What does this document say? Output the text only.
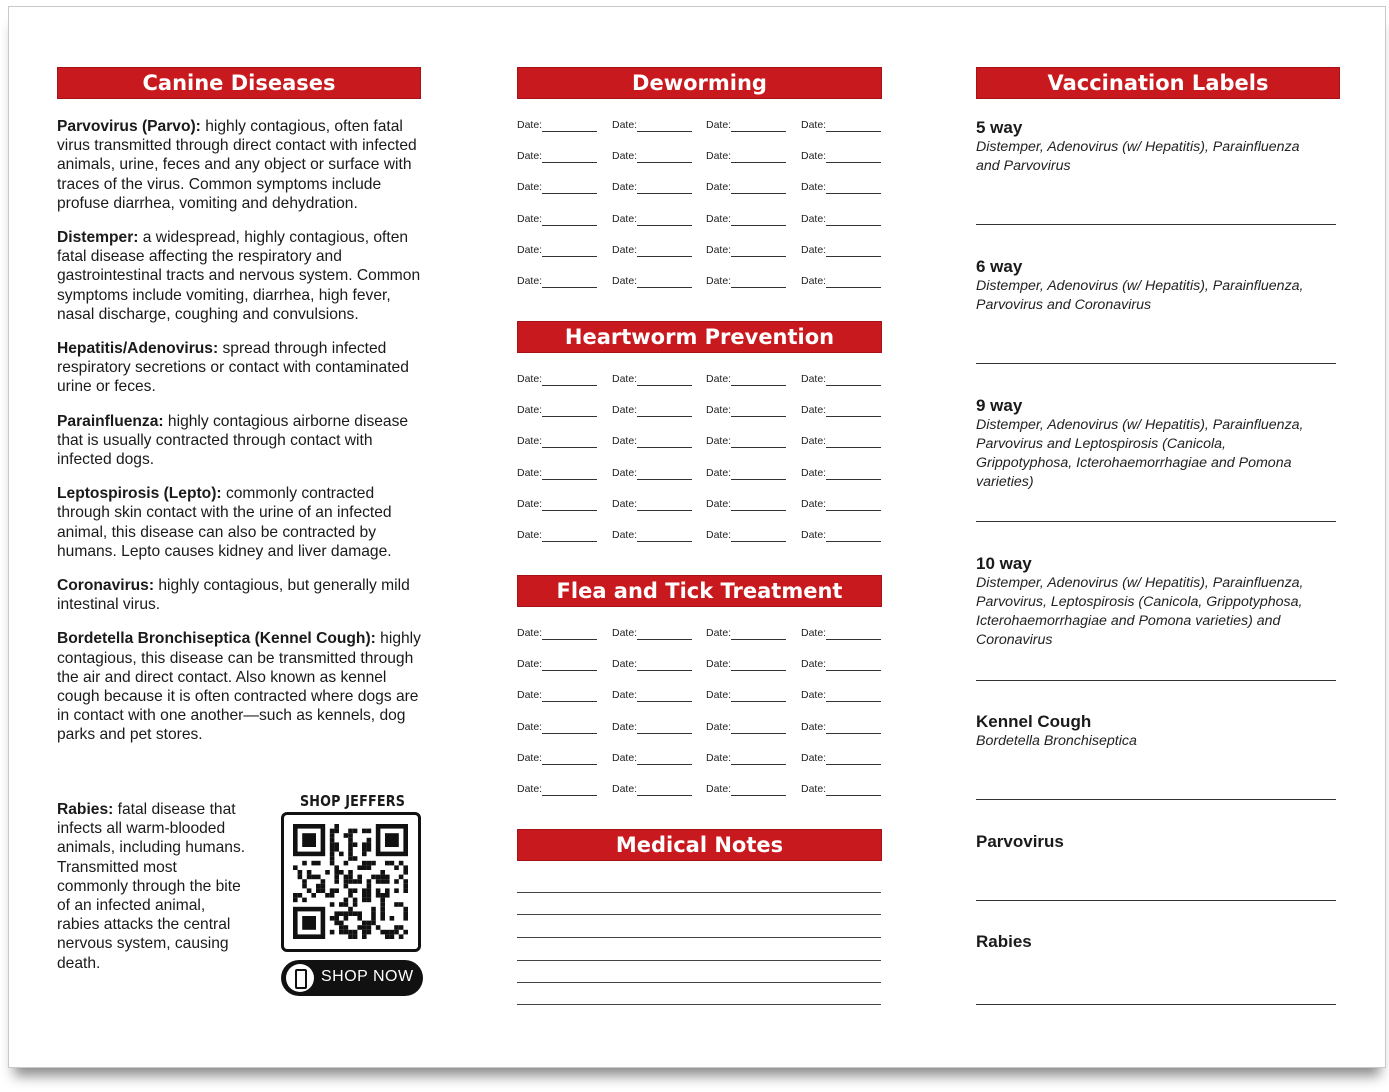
Canine Diseases

Parvovirus (Parvo): highly contagious, often fatal virus transmitted through direct contact with infected animals, urine, feces and any object or surface with traces of the virus. Common symptoms include profuse diarrhea, vomiting and dehydration.

Distemper: a widespread, highly contagious, often fatal disease affecting the respiratory and gastrointestinal tracts and nervous system. Common symptoms include vomiting, diarrhea, high fever, nasal discharge, coughing and convulsions.

Hepatitis/Adenovirus: spread through infected respiratory secretions or contact with contaminated urine or feces.

Parainfluenza: highly contagious airborne disease that is usually contracted through contact with infected dogs.

Leptospirosis (Lepto): commonly contracted through skin contact with the urine of an infected animal, this disease can also be contracted by humans. Lepto causes kidney and liver damage.

Coronavirus: highly contagious, but generally mild intestinal virus.

Bordetella Bronchiseptica (Kennel Cough): highly contagious, this disease can be transmitted through the air and direct contact. Also known as kennel cough because it is often contracted where dogs are in contact with one another—such as kennels, dog parks and pet stores.

Rabies: fatal disease that infects all warm-blooded animals, including humans. Transmitted most commonly through the bite of an infected animal, rabies attacks the central nervous system, causing death.
SHOP JEFFERS
SHOP NOW
Deworming
Heartworm Prevention
Flea and Tick Treatment
Medical Notes
Date:	Date:	Date:	Date:
Date:	Date:	Date:	Date:
Date:	Date:	Date:	Date:
Date:	Date:	Date:	Date:
Date:	Date:	Date:	Date:
Date:	Date:	Date:	Date:
Date:	Date:	Date:	Date:
Date:	Date:	Date:	Date:
Date:	Date:	Date:	Date:
Date:	Date:	Date:	Date:
Date:	Date:	Date:	Date:
Date:	Date:	Date:	Date:
Date:	Date:	Date:	Date:
Date:	Date:	Date:	Date:
Date:	Date:	Date:	Date:
Date:	Date:	Date:	Date:
Date:	Date:	Date:	Date:
Date:	Date:	Date:	Date:
Vaccination Labels
5 way
Distemper, Adenovirus (w/ Hepatitis), Parainfluenza and Parvovirus
6 way
Distemper, Adenovirus (w/ Hepatitis), Parainfluenza, Parvovirus and Coronavirus
9 way
Distemper, Adenovirus (w/ Hepatitis), Parainfluenza, Parvovirus and Leptospirosis (Canicola, Grippotyphosa, Icterohaemorrhagiae and Pomona varieties)
10 way
Distemper, Adenovirus (w/ Hepatitis), Parainfluenza, Parvovirus, Leptospirosis (Canicola, Grippotyphosa, Icterohaemorrhagiae and Pomona varieties) and Coronavirus
Kennel Cough
Bordetella Bronchiseptica
Parvovirus
Rabies
